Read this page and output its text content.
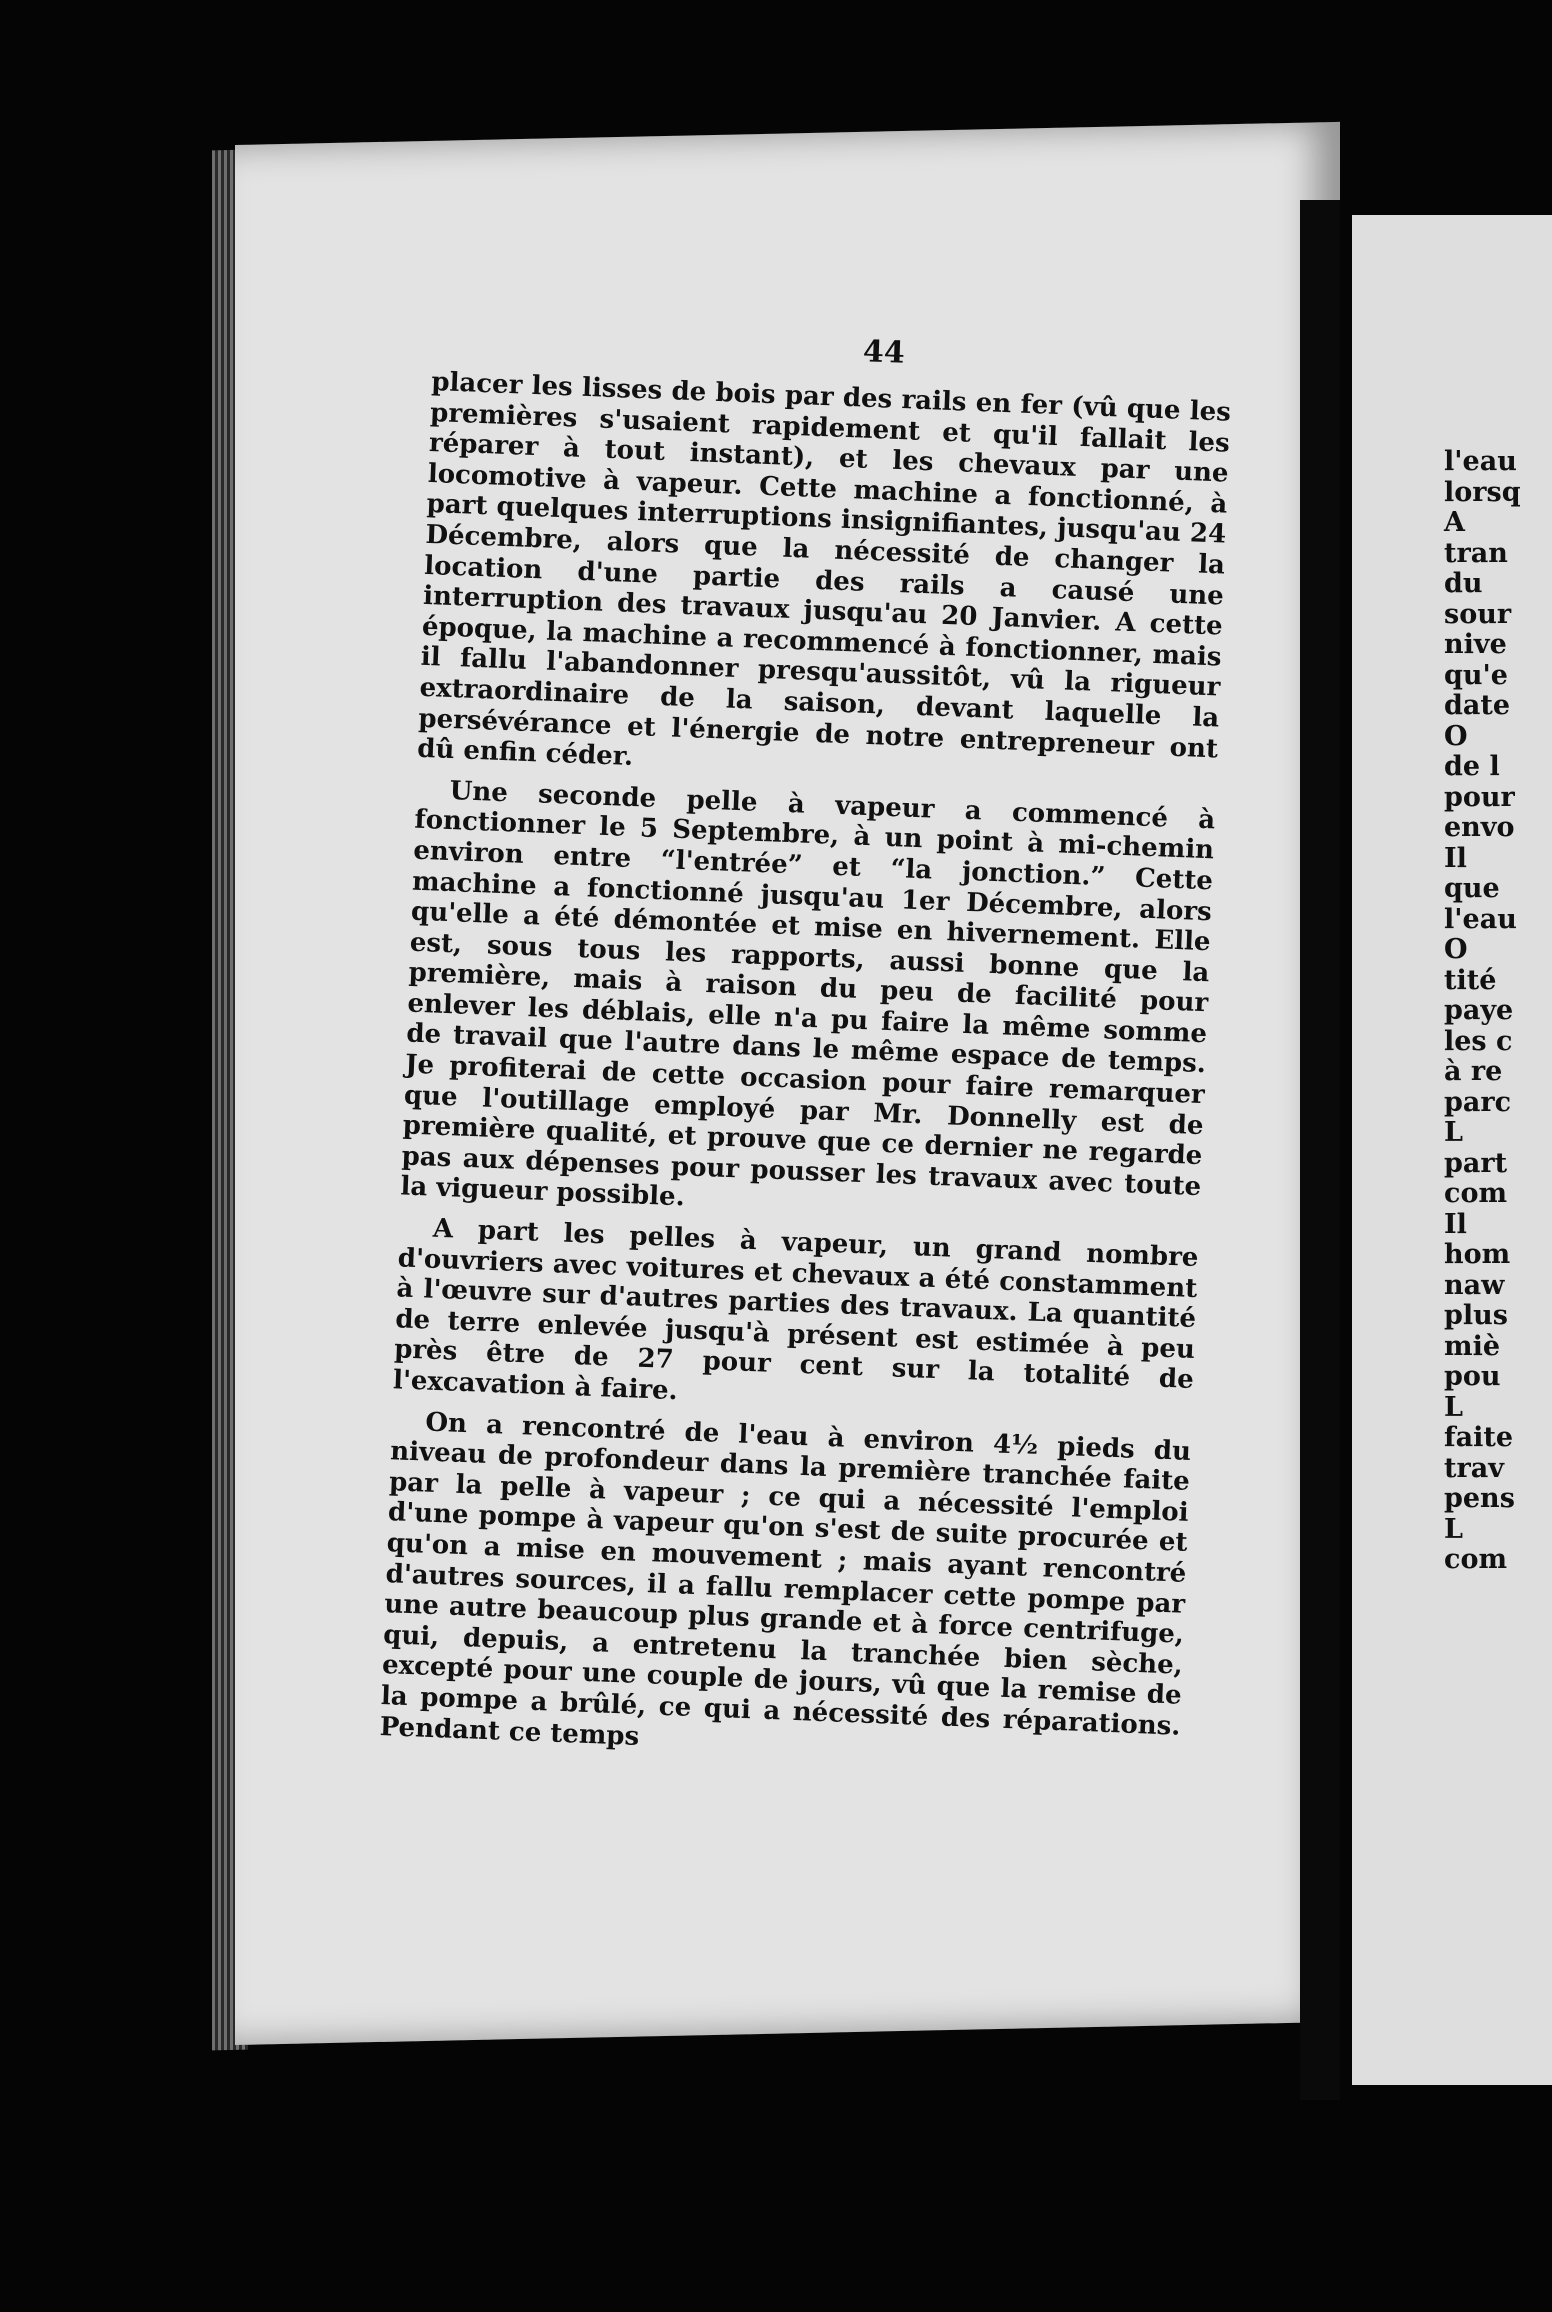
l'eau
lorsq
A
tran
du
sour
nive
qu'e
date
O
de l
pour
envo
Il
que
l'eau
O
tité
paye
les c
à re
parc
L
part
com
Il
hom
naw
plus
miè
pou
L
faite
trav
pens
L
com
44

placer les lisses de bois par des rails en fer (vû que les premières s'usaient rapidement et qu'il fallait les réparer à tout instant), et les chevaux par une locomotive à vapeur. Cette machine a fonctionné, à part quelques interruptions insignifiantes, jusqu'au 24 Décembre, alors que la nécessité de changer la location d'une partie des rails a causé une interruption des travaux jusqu'au 20 Janvier. A cette époque, la machine a recommencé à fonctionner, mais il fallu l'abandonner presqu'aussitôt, vû la rigueur extraordinaire de la saison, devant laquelle la persévérance et l'énergie de notre entrepreneur ont dû enfin céder.

Une seconde pelle à vapeur a commencé à fonctionner le 5 Septembre, à un point à mi-chemin environ entre “l'entrée” et “la jonction.” Cette machine a fonctionné jusqu'au 1er Décembre, alors qu'elle a été démontée et mise en hivernement. Elle est, sous tous les rapports, aussi bonne que la première, mais à raison du peu de facilité pour enlever les déblais, elle n'a pu faire la même somme de travail que l'autre dans le même espace de temps. Je profiterai de cette occasion pour faire remarquer que l'outillage employé par Mr. Donnelly est de première qualité, et prouve que ce dernier ne regarde pas aux dépenses pour pousser les travaux avec toute la vigueur possible.

A part les pelles à vapeur, un grand nombre d'ouvriers avec voitures et chevaux a été constamment à l'œuvre sur d'autres parties des travaux. La quantité de terre enlevée jusqu'à présent est estimée à peu près être de 27 pour cent sur la totalité de l'excavation à faire.

On a rencontré de l'eau à environ 4½ pieds du niveau de profondeur dans la première tranchée faite par la pelle à vapeur ; ce qui a nécessité l'emploi d'une pompe à vapeur qu'on s'est de suite procurée et qu'on a mise en mouvement ; mais ayant rencontré d'autres sources, il a fallu remplacer cette pompe par une autre beaucoup plus grande et à force centrifuge, qui, depuis, a entretenu la tranchée bien sèche, excepté pour une couple de jours, vû que la remise de la pompe a brûlé, ce qui a nécessité des réparations. Pendant ce temps
